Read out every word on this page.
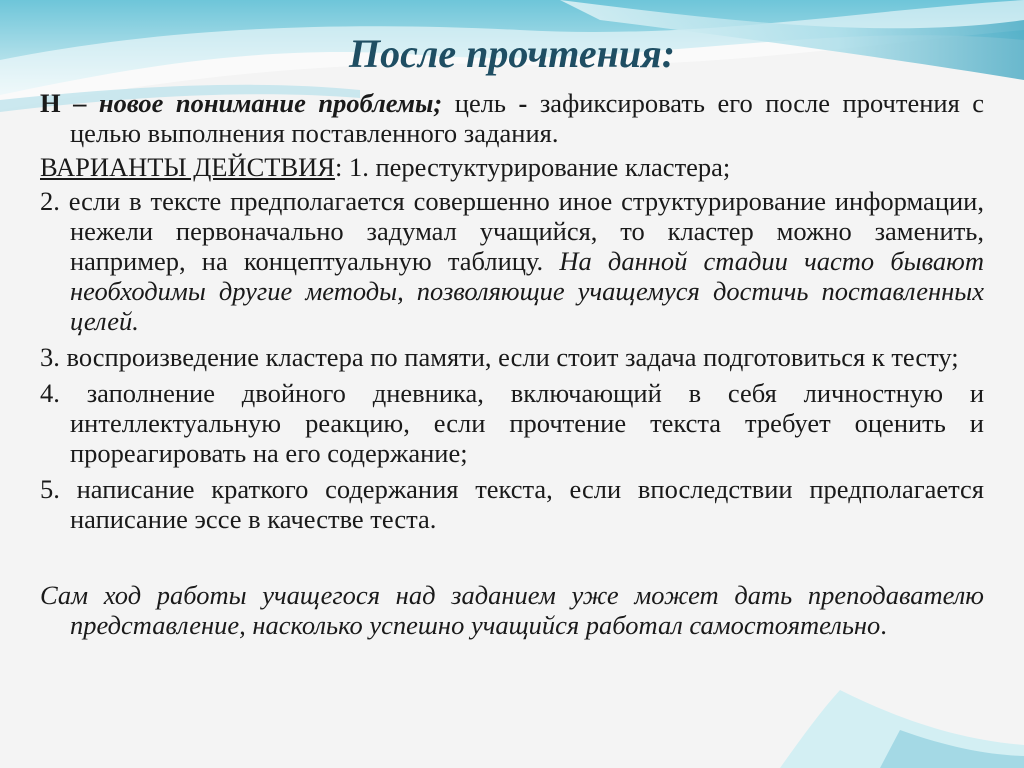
После прочтения:

Н – новое понимание проблемы; цель - зафиксировать его после прочтения с целью выполнения поставленного задания.

ВАРИАНТЫ ДЕЙСТВИЯ: 1. перестуктурирование кластера;

2. если в тексте предполагается совершенно иное структурирование информации, нежели первоначально задумал учащийся, то кластер можно заменить, например, на концептуальную таблицу. На данной стадии часто бывают необходимы другие методы, позволяющие учащемуся достичь поставленных целей.

3. воспроизведение кластера по памяти, если стоит задача подготовиться к тесту;

4. заполнение двойного дневника, включающий в себя личностную и интеллектуальную реакцию, если прочтение текста требует оценить и прореагировать на его содержание;

5. написание краткого содержания текста, если впоследствии предполагается написание эссе в качестве теста.

Сам ход работы учащегося над заданием уже может дать преподавателю представление, насколько успешно учащийся работал самостоятельно.
